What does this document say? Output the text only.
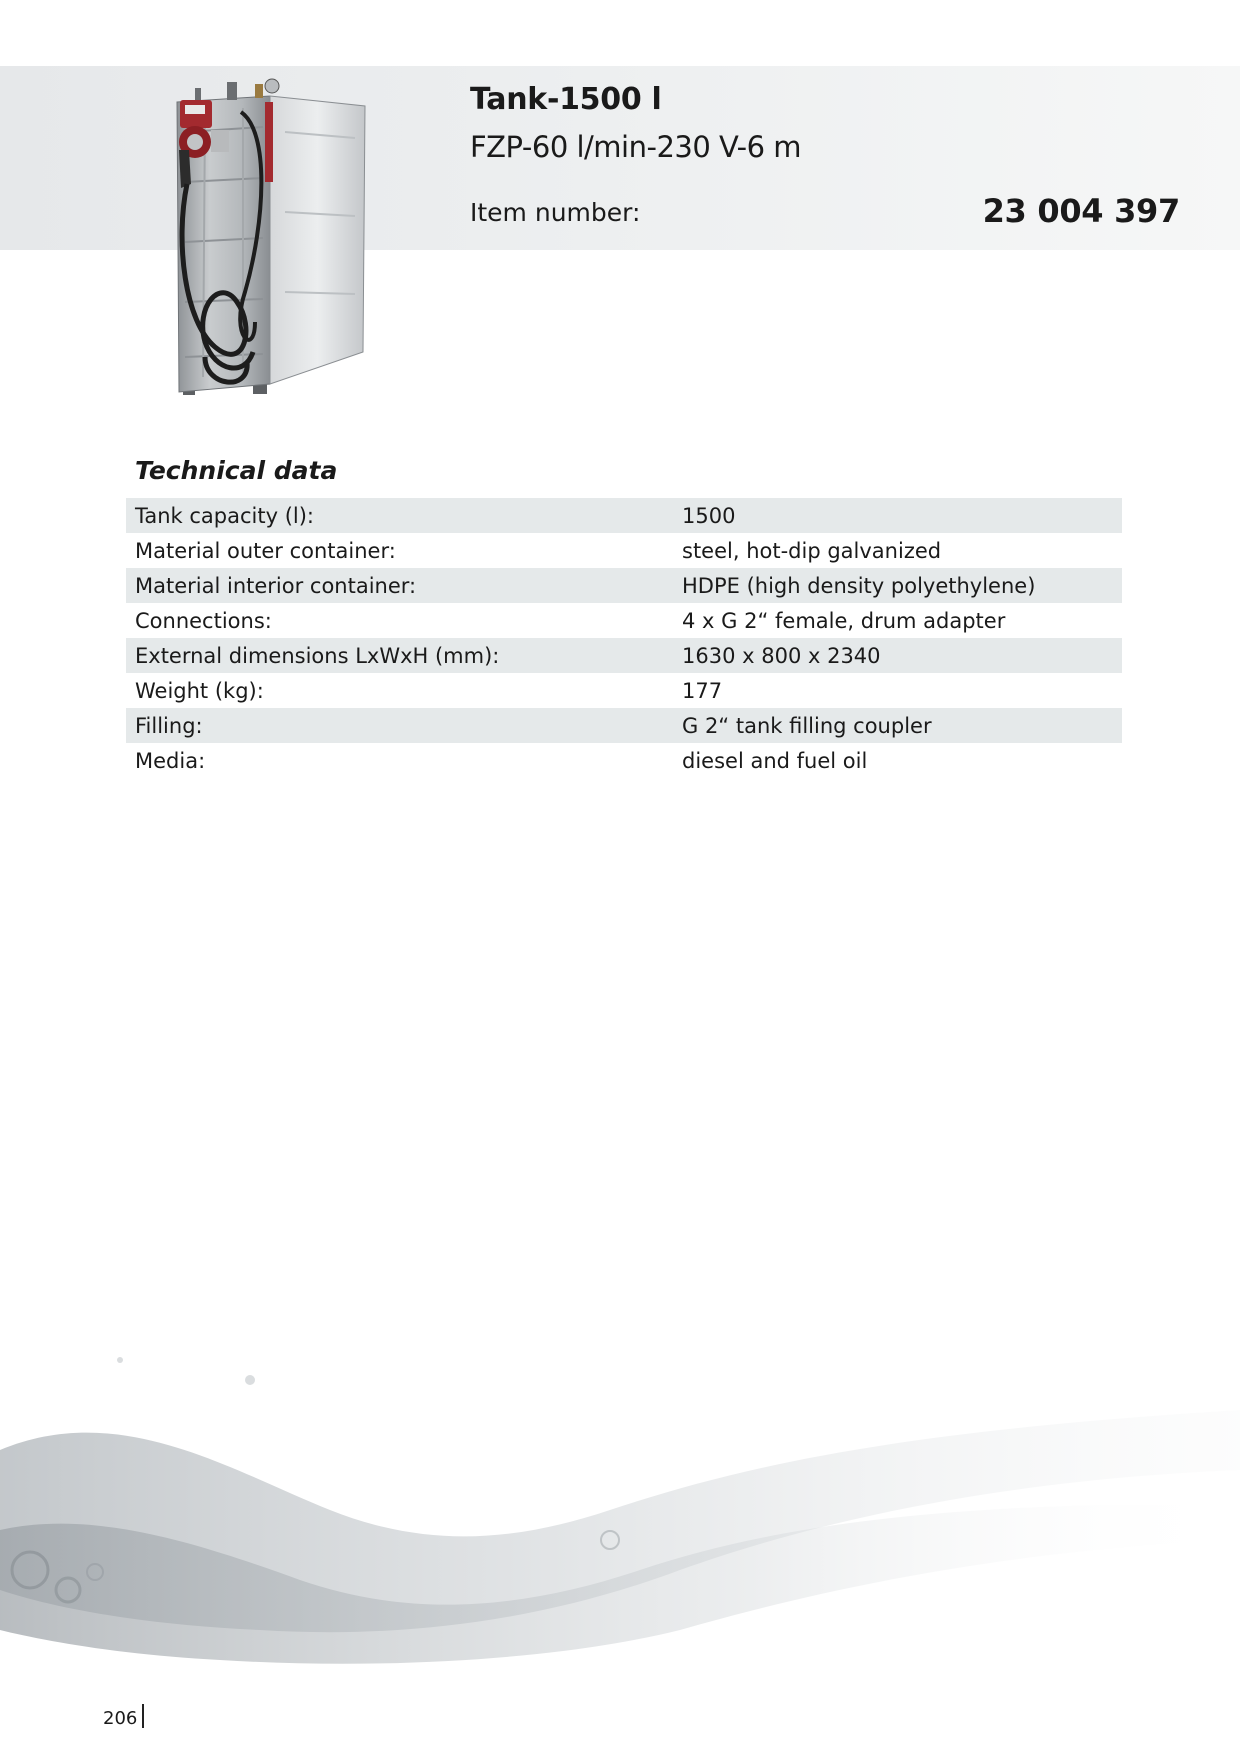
Tank-1500 l
FZP-60 l/min-230 V-6 m
Item number:	23 004 397
Technical data
Tank capacity (l):	1500
Material outer container:	steel, hot-dip galvanized
Material interior container:	HDPE (high density polyethylene)
Connections:	4 x G 2“ female, drum adapter
External dimensions LxWxH (mm):	1630 x 800 x 2340
Weight (kg):	177
Filling:	G 2“ tank filling coupler
Media:	diesel and fuel oil
206
